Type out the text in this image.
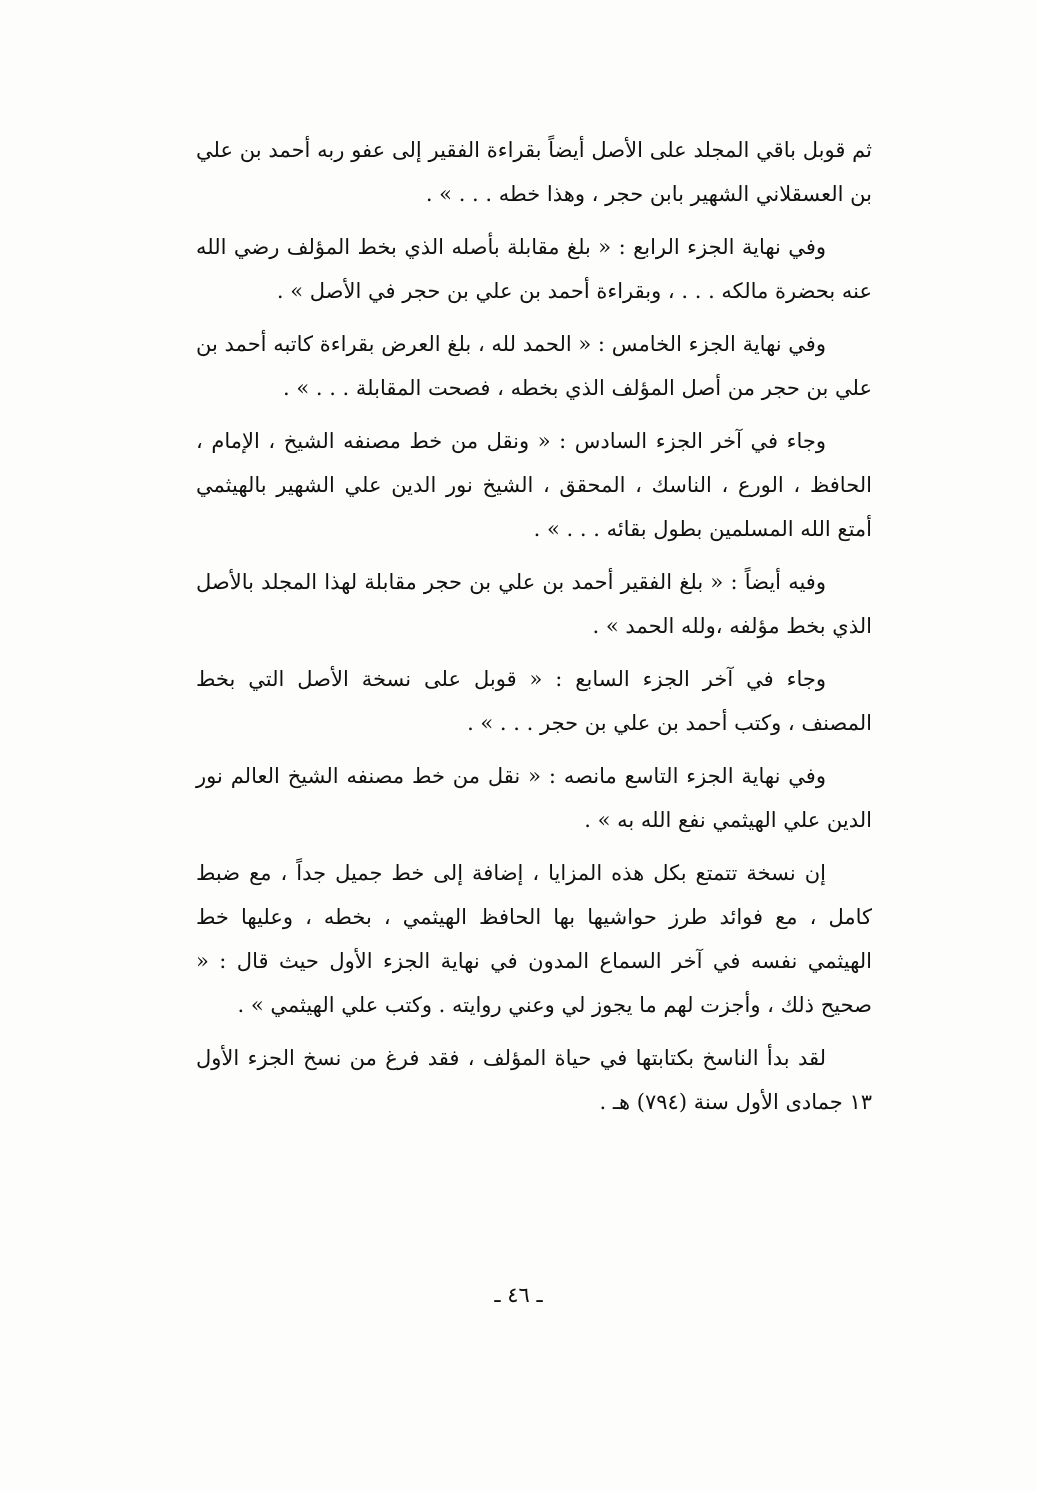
ثم قوبل باقي المجلد على الأصل أيضاً بقراءة الفقير إلى عفو ربه أحمد بن علي بن العسقلاني الشهير بابن حجر ، وهذا خطه . . . » .

وفي نهاية الجزء الرابع : « بلغ مقابلة بأصله الذي بخط المؤلف رضي الله عنه بحضرة مالكه . . . ، وبقراءة أحمد بن علي بن حجر في الأصل » .

وفي نهاية الجزء الخامس : « الحمد لله ، بلغ العرض بقراءة كاتبه أحمد بن علي بن حجر من أصل المؤلف الذي بخطه ، فصحت المقابلة . . . » .

وجاء في آخر الجزء السادس : « ونقل من خط مصنفه الشيخ ، الإمام ، الحافظ ، الورع ، الناسك ، المحقق ، الشيخ نور الدين علي الشهير بالهيثمي أمتع الله المسلمين بطول بقائه . . . » .

وفيه أيضاً : « بلغ الفقير أحمد بن علي بن حجر مقابلة لهذا المجلد بالأصل الذي بخط مؤلفه ،ولله الحمد » .

وجاء في آخر الجزء السابع : « قوبل على نسخة الأصل التي بخط المصنف ، وكتب أحمد بن علي بن حجر . . . » .

وفي نهاية الجزء التاسع مانصه : « نقل من خط مصنفه الشيخ العالم نور الدين علي الهيثمي نفع الله به » .

إن نسخة تتمتع بكل هذه المزايا ، إضافة إلى خط جميل جداً ، مع ضبط كامل ، مع فوائد طرز حواشيها بها الحافظ الهيثمي ، بخطه ، وعليها خط الهيثمي نفسه في آخر السماع المدون في نهاية الجزء الأول حيث قال : « صحيح ذلك ، وأجزت لهم ما يجوز لي وعني روايته . وكتب علي الهيثمي » .

لقد بدأ الناسخ بكتابتها في حياة المؤلف ، فقد فرغ من نسخ الجزء الأول ١٣ جمادى الأول سنة (٧٩٤) هـ .

ـ ٤٦ ـ
